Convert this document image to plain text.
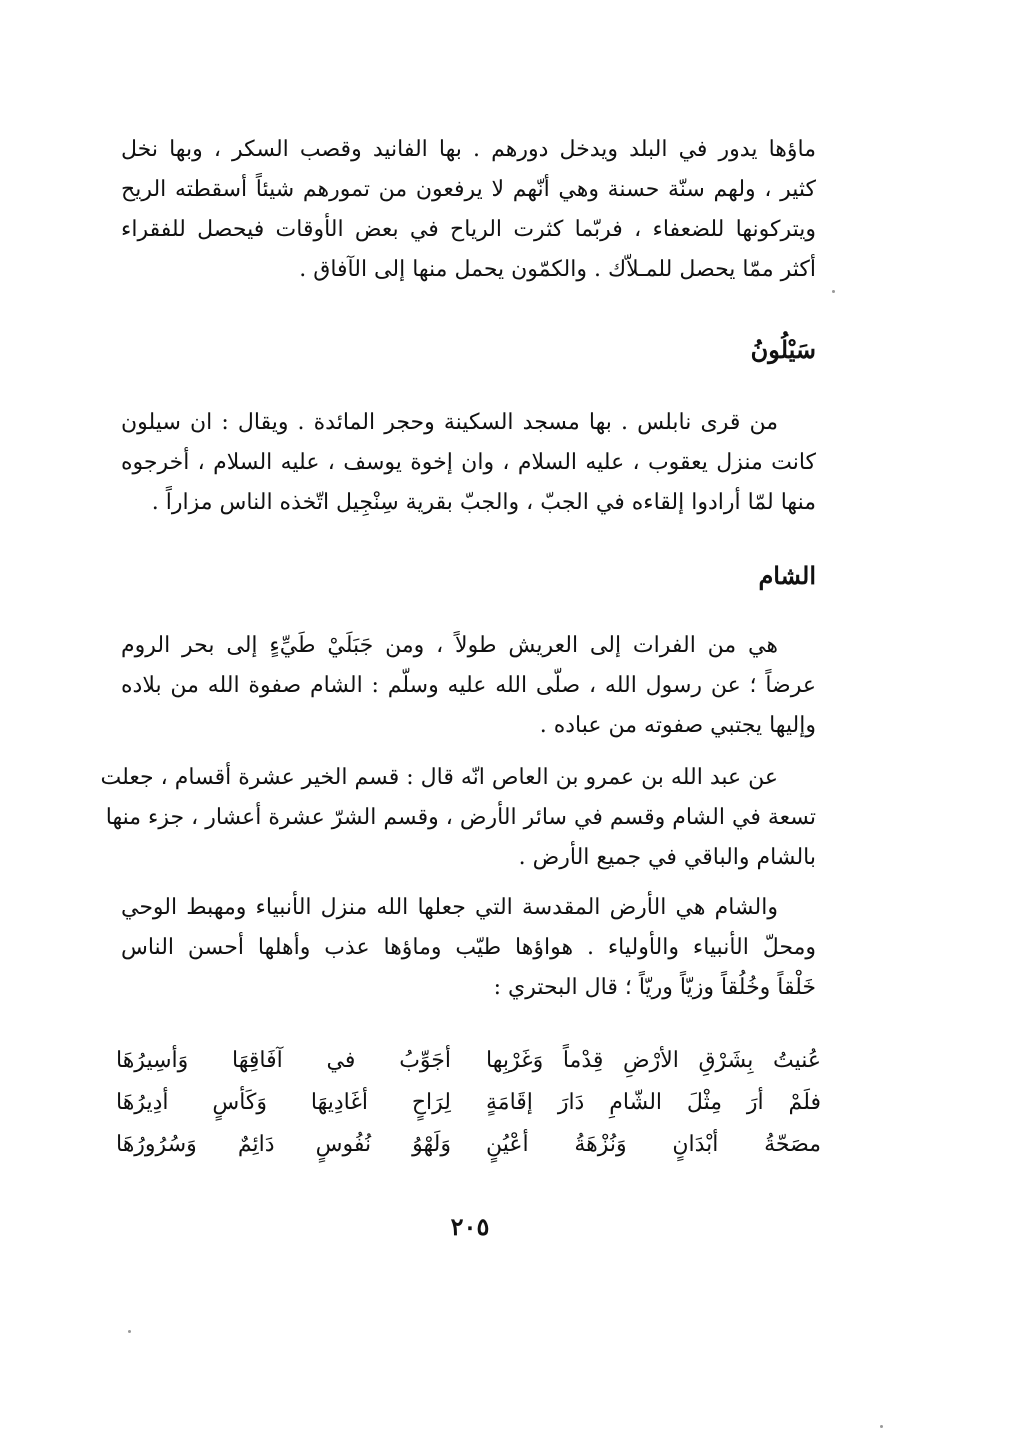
ماؤها يدور في البلد ويدخل دورهم . بها الفانيد وقصب السكر ، وبها نخل
كثير ، ولهم سنّة حسنة وهي أنّهم لا يرفعون من تمورهم شيئاً أسقطته الريح
ويتركونها للضعفاء ، فربّما كثرت الرياح في بعض الأوقات فيحصل للفقراء
أكثر ممّا يحصل للمـلاّك . والكمّون يحمل منها إلى الآفاق .
سَيْلُونُ
من قرى نابلس . بها مسجد السكينة وحجر المائدة . ويقال : ان سيلون
كانت منزل يعقوب ، عليه السلام ، وان إخوة يوسف ، عليه السلام ، أخرجوه
منها لمّا أرادوا إلقاءه في الجبّ ، والجبّ بقرية سِنْجِيل اتّخذه الناس مزاراً .
الشام
هي من الفرات إلى العريش طولاً ، ومن جَبَلَيْ طَيِّءٍ إلى بحر الروم
عرضاً ؛ عن رسول الله ، صلّى الله عليه وسلّم : الشام صفوة الله من بلاده
وإليها يجتبي صفوته من عباده .
عن عبد الله بن عمرو بن العاص انّه قال : قسم الخير عشرة أقسام ، جعلت
تسعة في الشام وقسم في سائر الأرض ، وقسم الشرّ عشرة أعشار ، جزء منها
بالشام والباقي في جميع الأرض .
والشام هي الأرض المقدسة التي جعلها الله منزل الأنبياء ومهبط الوحي
ومحلّ الأنبياء والأولياء . هواؤها طيّب وماؤها عذب وأهلها أحسن الناس
خَلْقاً وخُلُقاً وزيّاً وريّاً ؛ قال البحتري :
عُنيتُ بِشَرْقِ الأرْضِ قِدْماً وَغَرْبِها
أجَوِّبُ في آفَاقِهَا وَأسِيرُهَا
فلَمْ أرَ مِثْلَ الشّامِ دَارَ إقَامَةٍ
لِرَاحٍ أغَادِيهَا وَكَأسٍ أدِيرُهَا
مصَحّةُ أبْدَانٍ وَنُزْهَةُ أعْيُنٍ
وَلَهْوُ نُفُوسٍ دَائِمٌ وَسُرُورُهَا
٢٠٥
